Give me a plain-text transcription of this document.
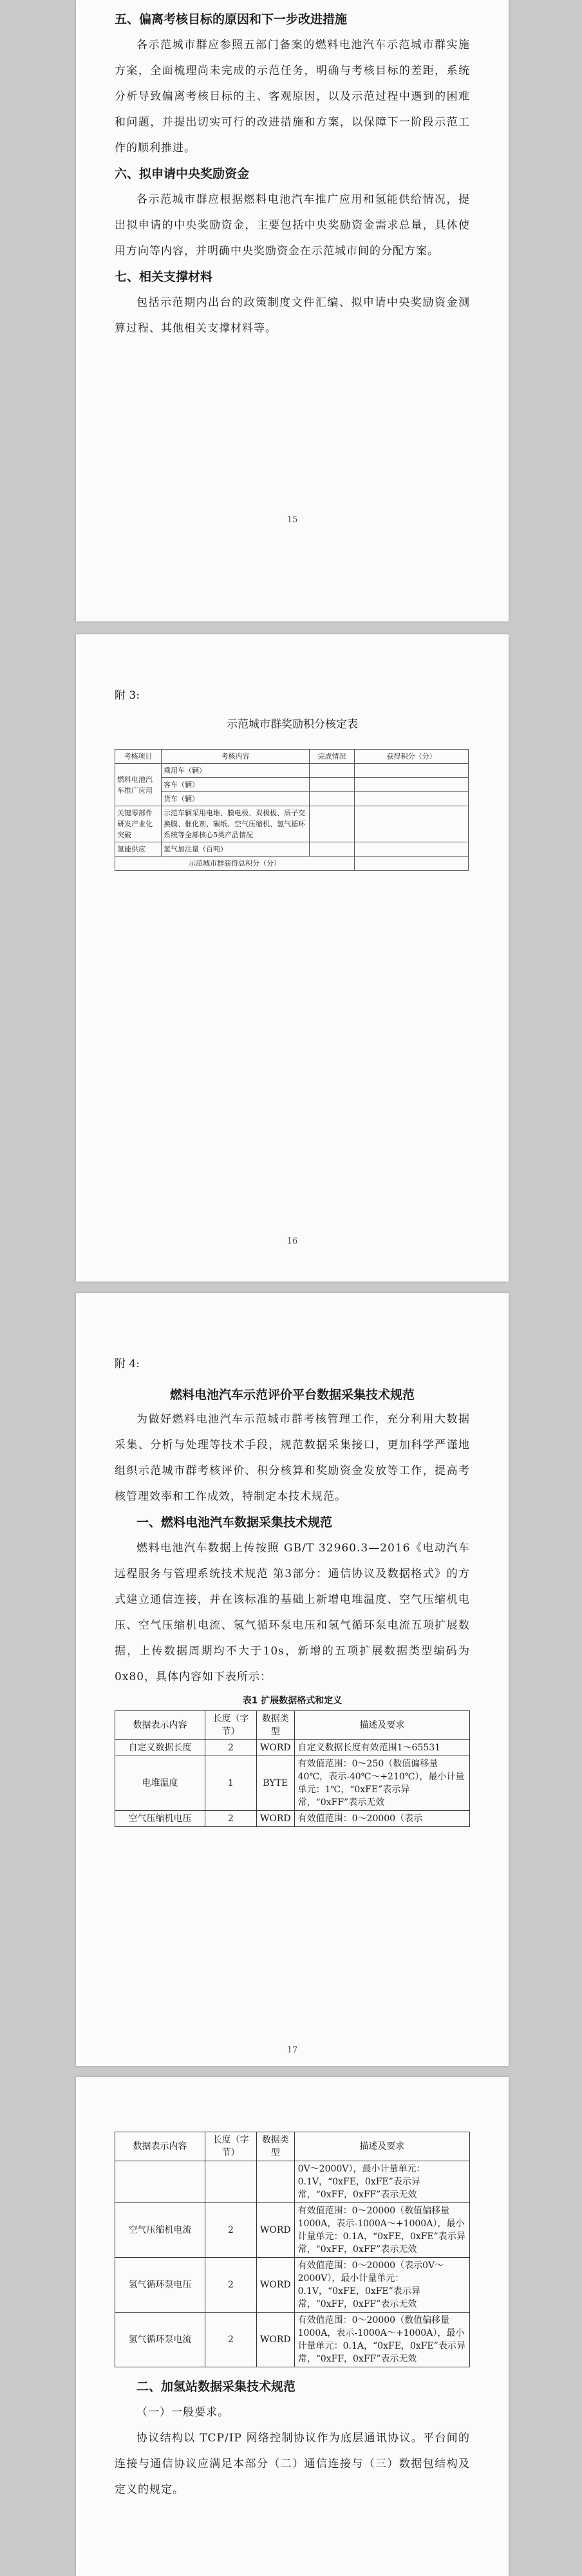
五、偏离考核目标的原因和下一步改进措施

各示范城市群应参照五部门备案的燃料电池汽车示范城市群实施方案，全面梳理尚未完成的示范任务，明确与考核目标的差距，系统分析导致偏离考核目标的主、客观原因，以及示范过程中遇到的困难和问题，并提出切实可行的改进措施和方案，以保障下一阶段示范工作的顺利推进。

六、拟申请中央奖励资金

各示范城市群应根据燃料电池汽车推广应用和氢能供给情况，提出拟申请的中央奖励资金，主要包括中央奖励资金需求总量，具体使用方向等内容，并明确中央奖励资金在示范城市间的分配方案。

七、相关支撑材料

包括示范期内出台的政策制度文件汇编、拟申请中央奖励资金测算过程、其他相关支撑材料等。

15
附 3:
示范城市群奖励积分核定表
考核项目	考核内容	完成情况	获得积分（分）
燃料电池汽车推广应用	乘用车（辆）		
	客车（辆）		
	货车（辆）		
关键零部件研发产业化突破	示范车辆采用电堆、膜电极、双极板、质子交换膜、催化剂、碳纸、空气压缩机、氢气循环系统等全部核心5类产品情况		
氢能供应	氢气加注量（百吨）		
示范城市群获得总积分（分）			
16
附 4:
燃料电池汽车示范评价平台数据采集技术规范

为做好燃料电池汽车示范城市群考核管理工作，充分利用大数据采集、分析与处理等技术手段，规范数据采集接口，更加科学严谨地组织示范城市群考核评价、积分核算和奖励资金发放等工作，提高考核管理效率和工作成效，特制定本技术规范。

一、燃料电池汽车数据采集技术规范

燃料电池汽车数据上传按照 GB/T 32960.3—2016《电动汽车远程服务与管理系统技术规范 第3部分：通信协议及数据格式》的方式建立通信连接，并在该标准的基础上新增电堆温度、空气压缩机电压、空气压缩机电流、氢气循环泵电压和氢气循环泵电流五项扩展数据，上传数据周期均不大于10s，新增的五项扩展数据类型编码为0x80，具体内容如下表所示：

表1 扩展数据格式和定义
数据表示内容	长度（字节）	数据类型	描述及要求
自定义数据长度	2	WORD	自定义数据长度有效范围1～65531
电堆温度	1	BYTE	有效值范围：0～250（数值偏移量40℃，表示-40℃～+210℃），最小计量单元：1℃，“0xFE”表示异常，“0xFF”表示无效
空气压缩机电压	2	WORD	有效值范围：0～20000（表示
17
数据表示内容	长度（字节）	数据类型	描述及要求
			0V～2000V），最小计量单元：0.1V，“0xFE，0xFE”表示异常，“0xFF，0xFF”表示无效
空气压缩机电流	2	WORD	有效值范围：0～20000（数值偏移量1000A，表示-1000A～+1000A），最小计量单元：0.1A，“0xFE，0xFE”表示异常，“0xFF，0xFF”表示无效
氢气循环泵电压	2	WORD	有效值范围：0～20000（表示0V～2000V），最小计量单元：0.1V，“0xFE，0xFE”表示异常，“0xFF，0xFF”表示无效
氢气循环泵电流	2	WORD	有效值范围：0～20000（数值偏移量1000A，表示-1000A～+1000A），最小计量单元：0.1A，“0xFE，0xFE”表示异常，“0xFF，0xFF”表示无效
二、加氢站数据采集技术规范

（一）一般要求。

协议结构以 TCP/IP 网络控制协议作为底层通讯协议。平台间的连接与通信协议应满足本部分（二）通信连接与（三）数据包结构及定义的规定。
